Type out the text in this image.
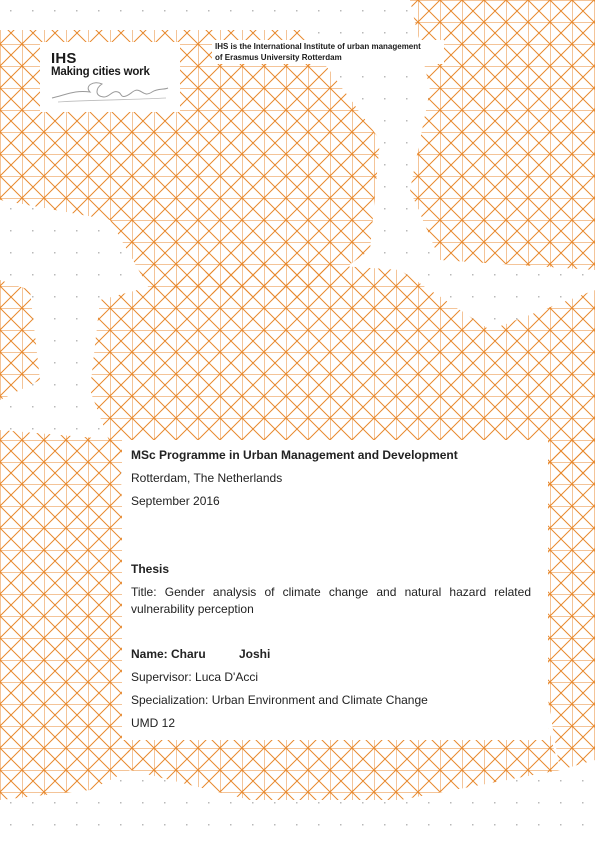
IHS
Making cities work
IHS is the International Institute of urban management
of Erasmus University Rotterdam
MSc Programme in Urban Management and Development
Rotterdam, The Netherlands
September 2016
Thesis
Title: Gender analysis of climate change and natural hazard related vulnerability perception
Name: Charu	Joshi
Supervisor: Luca D'Acci
Specialization: Urban Environment and Climate Change
UMD 12
